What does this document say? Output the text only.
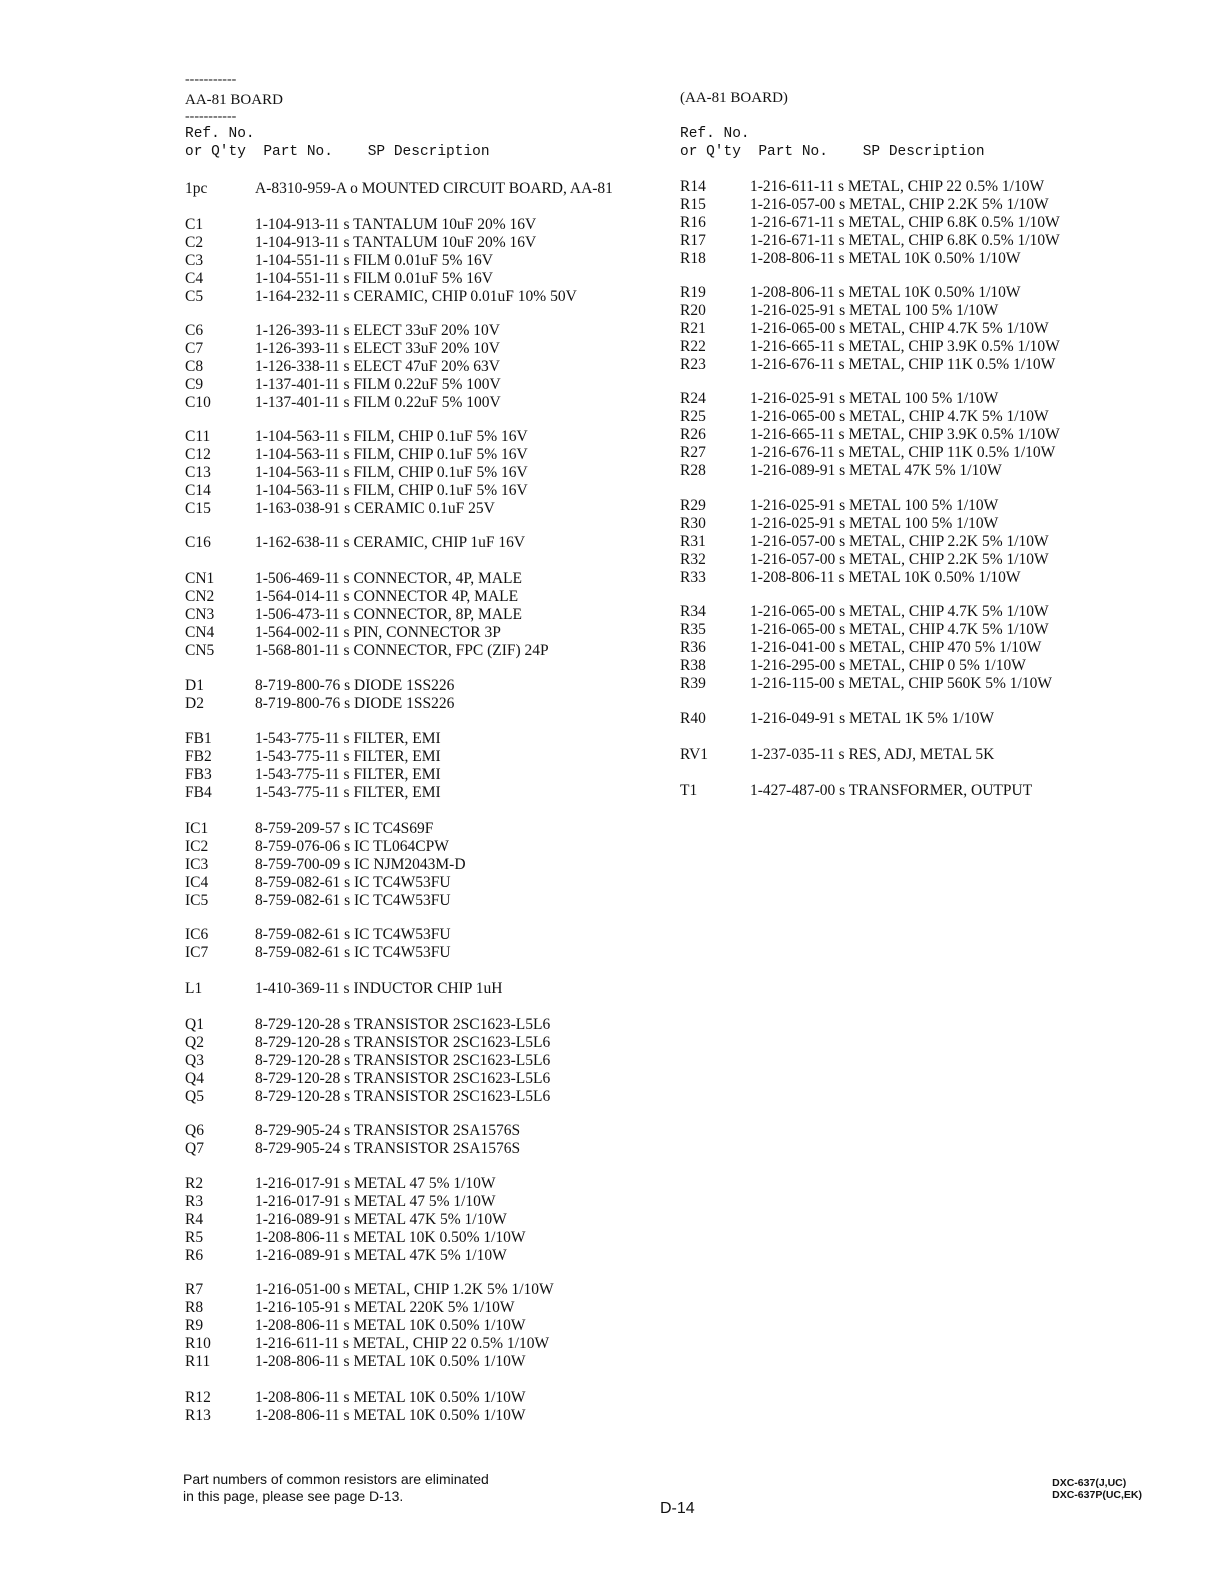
-----------
AA-81 BOARD
-----------
Ref. No.
or Q'ty  Part No.    SP Description
1pc	A-8310-959-A o MOUNTED CIRCUIT BOARD, AA-81
C1	1-104-913-11 s TANTALUM 10uF 20% 16V
C2	1-104-913-11 s TANTALUM 10uF 20% 16V
C3	1-104-551-11 s FILM 0.01uF 5% 16V
C4	1-104-551-11 s FILM 0.01uF 5% 16V
C5	1-164-232-11 s CERAMIC, CHIP 0.01uF 10% 50V
C6	1-126-393-11 s ELECT 33uF 20% 10V
C7	1-126-393-11 s ELECT 33uF 20% 10V
C8	1-126-338-11 s ELECT 47uF 20% 63V
C9	1-137-401-11 s FILM 0.22uF 5% 100V
C10	1-137-401-11 s FILM 0.22uF 5% 100V
C11	1-104-563-11 s FILM, CHIP 0.1uF 5% 16V
C12	1-104-563-11 s FILM, CHIP 0.1uF 5% 16V
C13	1-104-563-11 s FILM, CHIP 0.1uF 5% 16V
C14	1-104-563-11 s FILM, CHIP 0.1uF 5% 16V
C15	1-163-038-91 s CERAMIC 0.1uF 25V
C16	1-162-638-11 s CERAMIC, CHIP 1uF 16V
CN1	1-506-469-11 s CONNECTOR, 4P, MALE
CN2	1-564-014-11 s CONNECTOR 4P, MALE
CN3	1-506-473-11 s CONNECTOR, 8P, MALE
CN4	1-564-002-11 s PIN, CONNECTOR 3P
CN5	1-568-801-11 s CONNECTOR, FPC (ZIF) 24P
D1	8-719-800-76 s DIODE 1SS226
D2	8-719-800-76 s DIODE 1SS226
FB1	1-543-775-11 s FILTER, EMI
FB2	1-543-775-11 s FILTER, EMI
FB3	1-543-775-11 s FILTER, EMI
FB4	1-543-775-11 s FILTER, EMI
IC1	8-759-209-57 s IC TC4S69F
IC2	8-759-076-06 s IC TL064CPW
IC3	8-759-700-09 s IC NJM2043M-D
IC4	8-759-082-61 s IC TC4W53FU
IC5	8-759-082-61 s IC TC4W53FU
IC6	8-759-082-61 s IC TC4W53FU
IC7	8-759-082-61 s IC TC4W53FU
L1	1-410-369-11 s INDUCTOR CHIP 1uH
Q1	8-729-120-28 s TRANSISTOR 2SC1623-L5L6
Q2	8-729-120-28 s TRANSISTOR 2SC1623-L5L6
Q3	8-729-120-28 s TRANSISTOR 2SC1623-L5L6
Q4	8-729-120-28 s TRANSISTOR 2SC1623-L5L6
Q5	8-729-120-28 s TRANSISTOR 2SC1623-L5L6
Q6	8-729-905-24 s TRANSISTOR 2SA1576S
Q7	8-729-905-24 s TRANSISTOR 2SA1576S
R2	1-216-017-91 s METAL 47 5% 1/10W
R3	1-216-017-91 s METAL 47 5% 1/10W
R4	1-216-089-91 s METAL 47K 5% 1/10W
R5	1-208-806-11 s METAL 10K 0.50% 1/10W
R6	1-216-089-91 s METAL 47K 5% 1/10W
R7	1-216-051-00 s METAL, CHIP 1.2K 5% 1/10W
R8	1-216-105-91 s METAL 220K 5% 1/10W
R9	1-208-806-11 s METAL 10K 0.50% 1/10W
R10	1-216-611-11 s METAL, CHIP 22 0.5% 1/10W
R11	1-208-806-11 s METAL 10K 0.50% 1/10W
R12	1-208-806-11 s METAL 10K 0.50% 1/10W
R13	1-208-806-11 s METAL 10K 0.50% 1/10W
(AA-81 BOARD)
Ref. No.
or Q'ty  Part No.    SP Description
R14	1-216-611-11 s METAL, CHIP 22 0.5% 1/10W
R15	1-216-057-00 s METAL, CHIP 2.2K 5% 1/10W
R16	1-216-671-11 s METAL, CHIP 6.8K 0.5% 1/10W
R17	1-216-671-11 s METAL, CHIP 6.8K 0.5% 1/10W
R18	1-208-806-11 s METAL 10K 0.50% 1/10W
R19	1-208-806-11 s METAL 10K 0.50% 1/10W
R20	1-216-025-91 s METAL 100 5% 1/10W
R21	1-216-065-00 s METAL, CHIP 4.7K 5% 1/10W
R22	1-216-665-11 s METAL, CHIP 3.9K 0.5% 1/10W
R23	1-216-676-11 s METAL, CHIP 11K 0.5% 1/10W
R24	1-216-025-91 s METAL 100 5% 1/10W
R25	1-216-065-00 s METAL, CHIP 4.7K 5% 1/10W
R26	1-216-665-11 s METAL, CHIP 3.9K 0.5% 1/10W
R27	1-216-676-11 s METAL, CHIP 11K 0.5% 1/10W
R28	1-216-089-91 s METAL 47K 5% 1/10W
R29	1-216-025-91 s METAL 100 5% 1/10W
R30	1-216-025-91 s METAL 100 5% 1/10W
R31	1-216-057-00 s METAL, CHIP 2.2K 5% 1/10W
R32	1-216-057-00 s METAL, CHIP 2.2K 5% 1/10W
R33	1-208-806-11 s METAL 10K 0.50% 1/10W
R34	1-216-065-00 s METAL, CHIP 4.7K 5% 1/10W
R35	1-216-065-00 s METAL, CHIP 4.7K 5% 1/10W
R36	1-216-041-00 s METAL, CHIP 470 5% 1/10W
R38	1-216-295-00 s METAL, CHIP 0 5% 1/10W
R39	1-216-115-00 s METAL, CHIP 560K 5% 1/10W
R40	1-216-049-91 s METAL 1K 5% 1/10W
RV1	1-237-035-11 s RES, ADJ, METAL 5K
T1	1-427-487-00 s TRANSFORMER, OUTPUT
Part numbers of common resistors are eliminated
in this page, please see page D-13.
D-14
DXC-637(J,UC)
DXC-637P(UC,EK)
